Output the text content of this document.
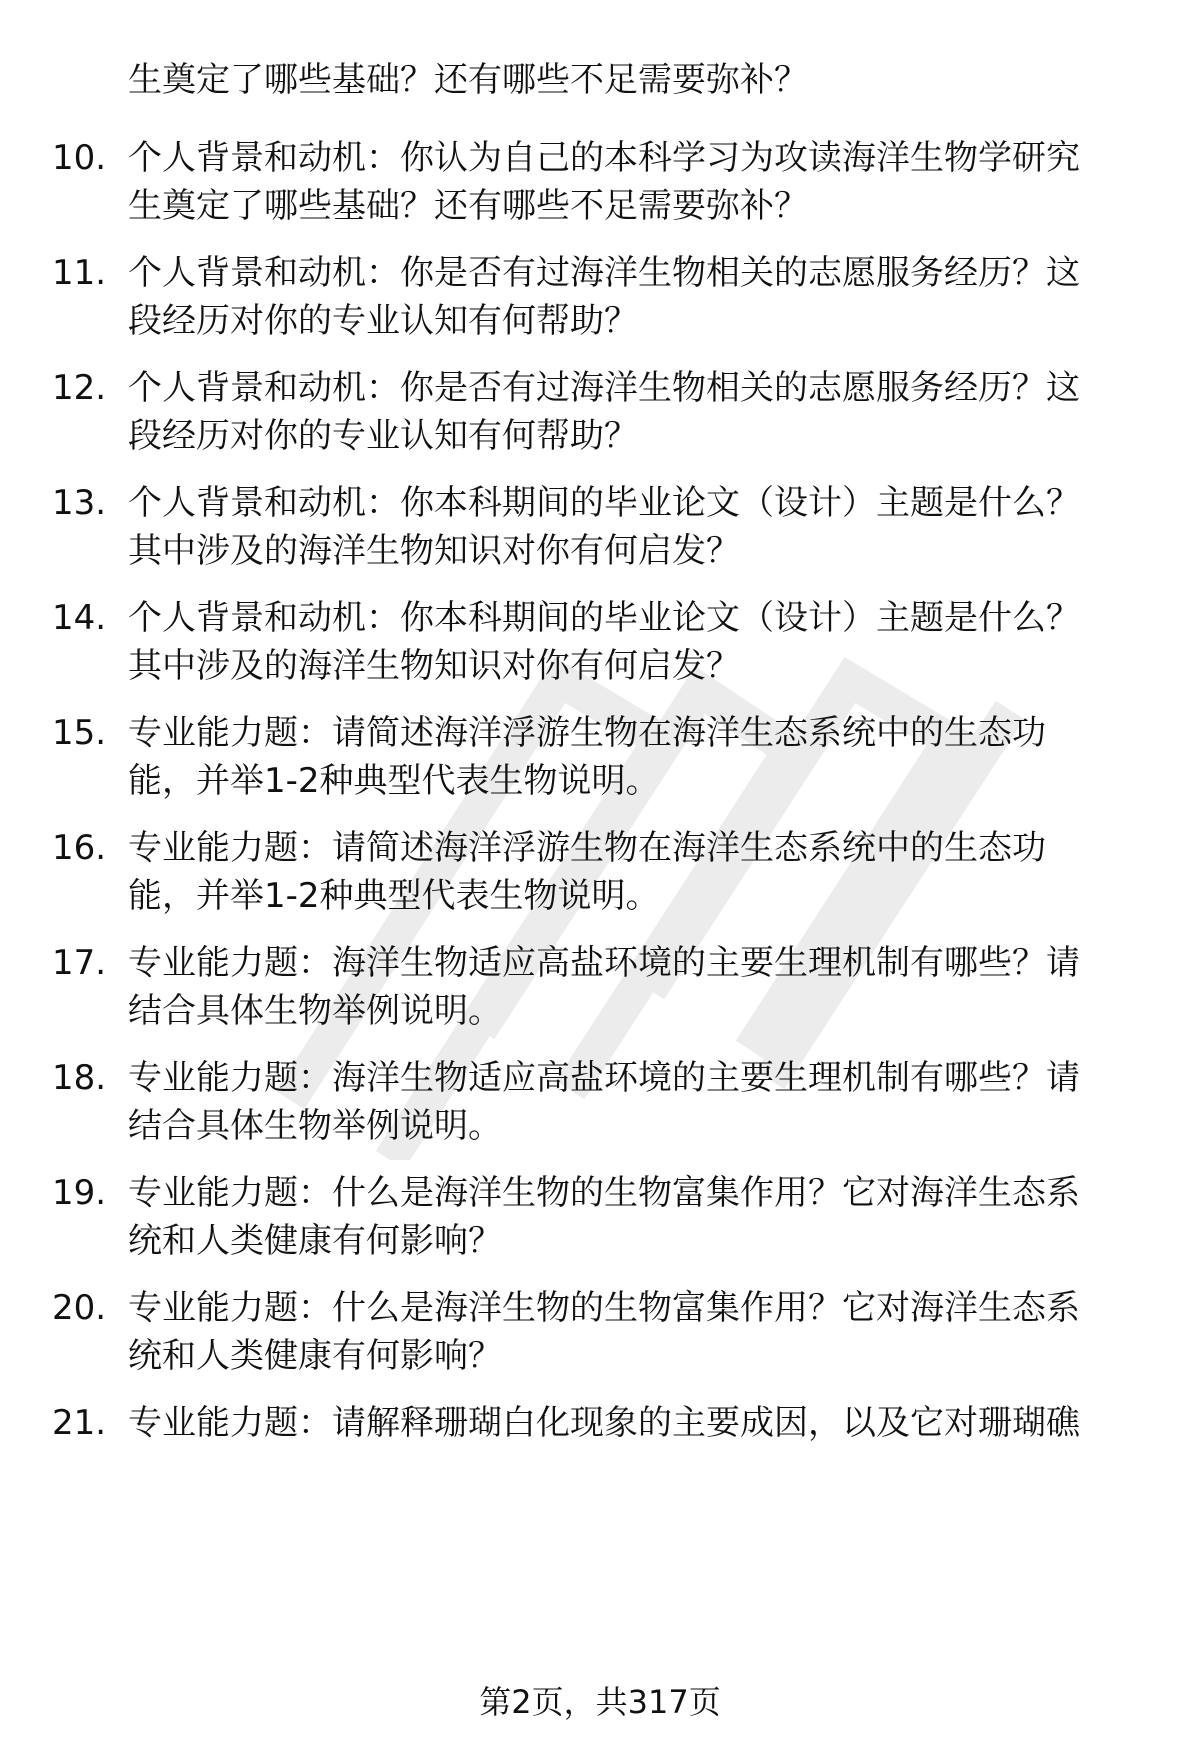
生奠定了哪些基础？还有哪些不足需要弥补？
10. 个人背景和动机：你认为自己的本科学习为攻读海洋生物学研究
生奠定了哪些基础？还有哪些不足需要弥补？
11. 个人背景和动机：你是否有过海洋生物相关的志愿服务经历？这
段经历对你的专业认知有何帮助？
12. 个人背景和动机：你是否有过海洋生物相关的志愿服务经历？这
段经历对你的专业认知有何帮助？
13. 个人背景和动机：你本科期间的毕业论文（设计）主题是什么？
其中涉及的海洋生物知识对你有何启发？
14. 个人背景和动机：你本科期间的毕业论文（设计）主题是什么？
其中涉及的海洋生物知识对你有何启发？
15. 专业能力题：请简述海洋浮游生物在海洋生态系统中的生态功
能，并举1-2种典型代表生物说明。
16. 专业能力题：请简述海洋浮游生物在海洋生态系统中的生态功
能，并举1-2种典型代表生物说明。
17. 专业能力题：海洋生物适应高盐环境的主要生理机制有哪些？请
结合具体生物举例说明。
18. 专业能力题：海洋生物适应高盐环境的主要生理机制有哪些？请
结合具体生物举例说明。
19. 专业能力题：什么是海洋生物的生物富集作用？它对海洋生态系
统和人类健康有何影响？
20. 专业能力题：什么是海洋生物的生物富集作用？它对海洋生态系
统和人类健康有何影响？
21. 专业能力题：请解释珊瑚白化现象的主要成因，以及它对珊瑚礁
第2页，共317页
